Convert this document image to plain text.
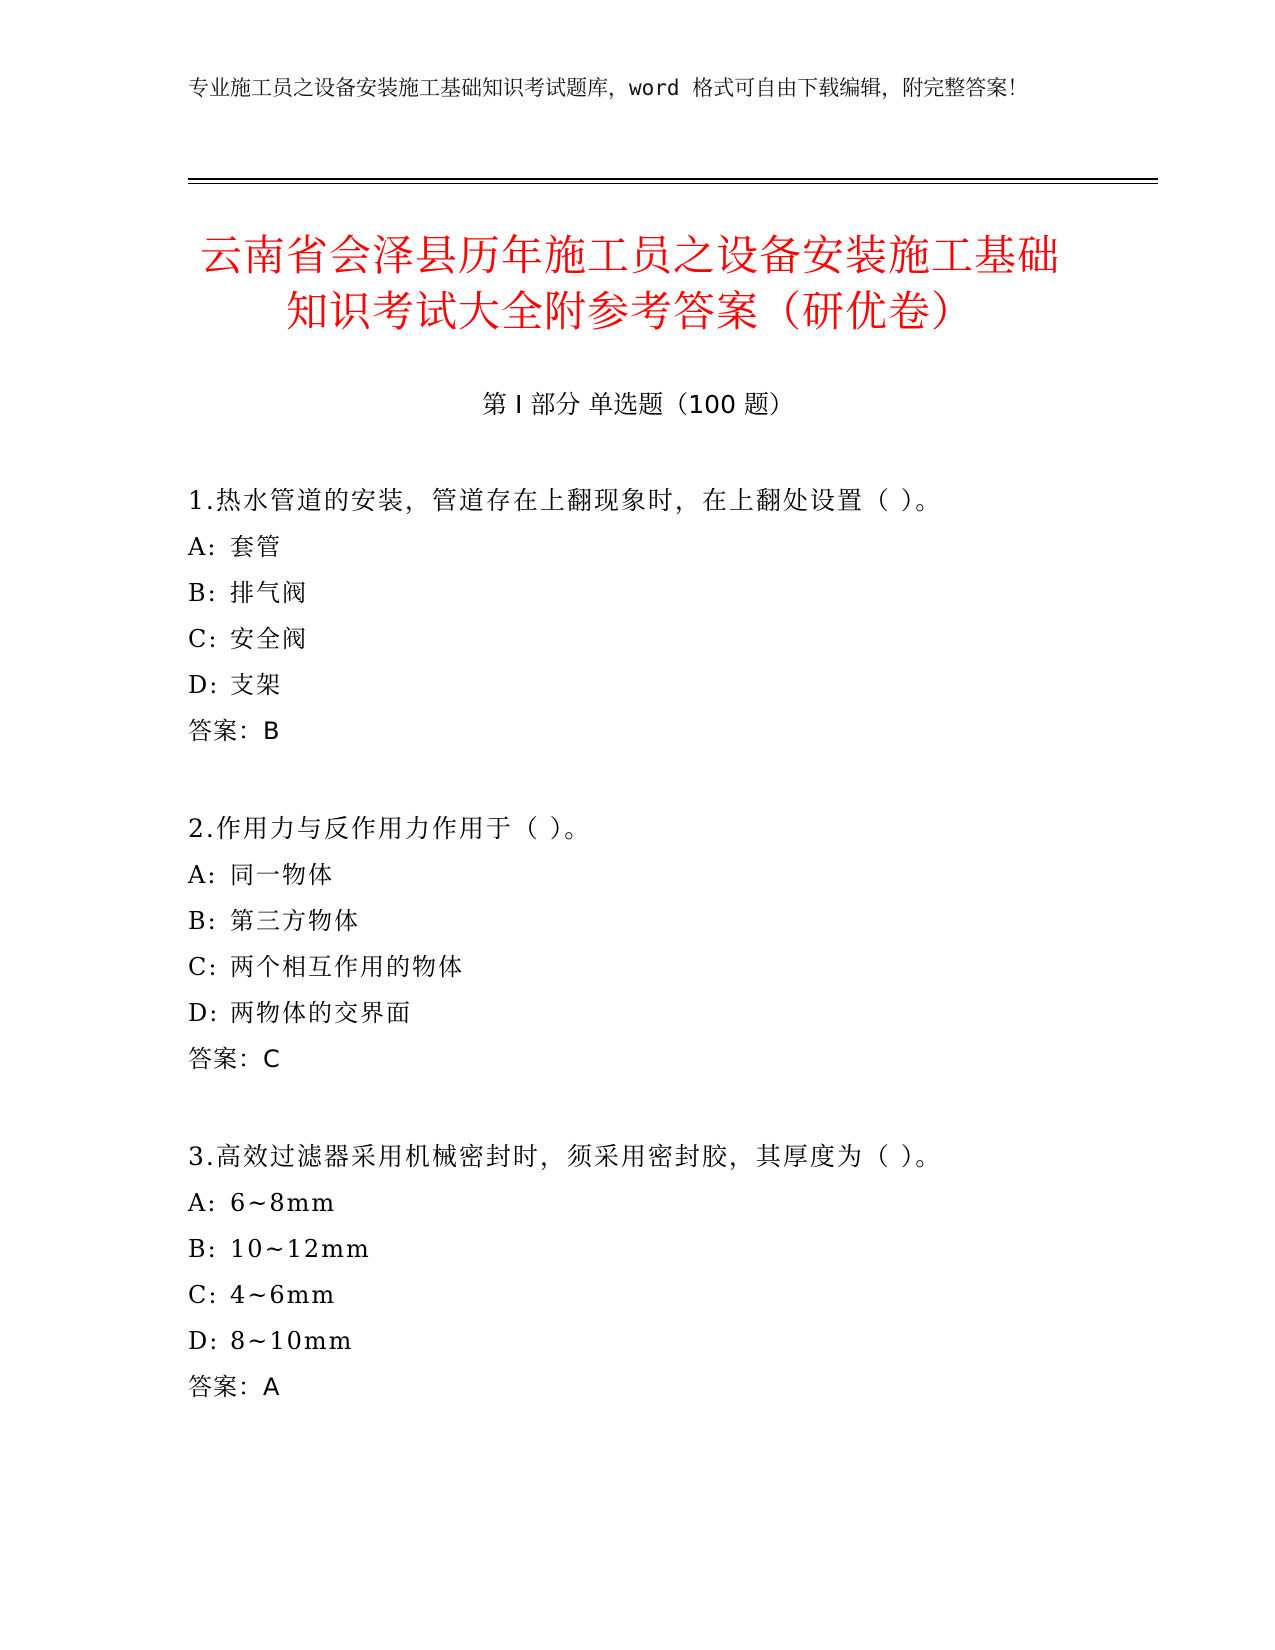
专业施工员之设备安装施工基础知识考试题库，word 格式可自由下载编辑，附完整答案！
云南省会泽县历年施工员之设备安装施工基础知识考试大全附参考答案（研优卷）
第 I 部分 单选题（100 题）
1.热水管道的安装，管道存在上翻现象时，在上翻处设置（ ）。
A: 套管
B: 排气阀
C: 安全阀
D: 支架
答案：B
2.作用力与反作用力作用于（ ）。
A: 同一物体
B: 第三方物体
C: 两个相互作用的物体
D: 两物体的交界面
答案：C
3.高效过滤器采用机械密封时，须采用密封胶，其厚度为（ ）。
A: 6~8mm
B: 10~12mm
C: 4~6mm
D: 8~10mm
答案：A
